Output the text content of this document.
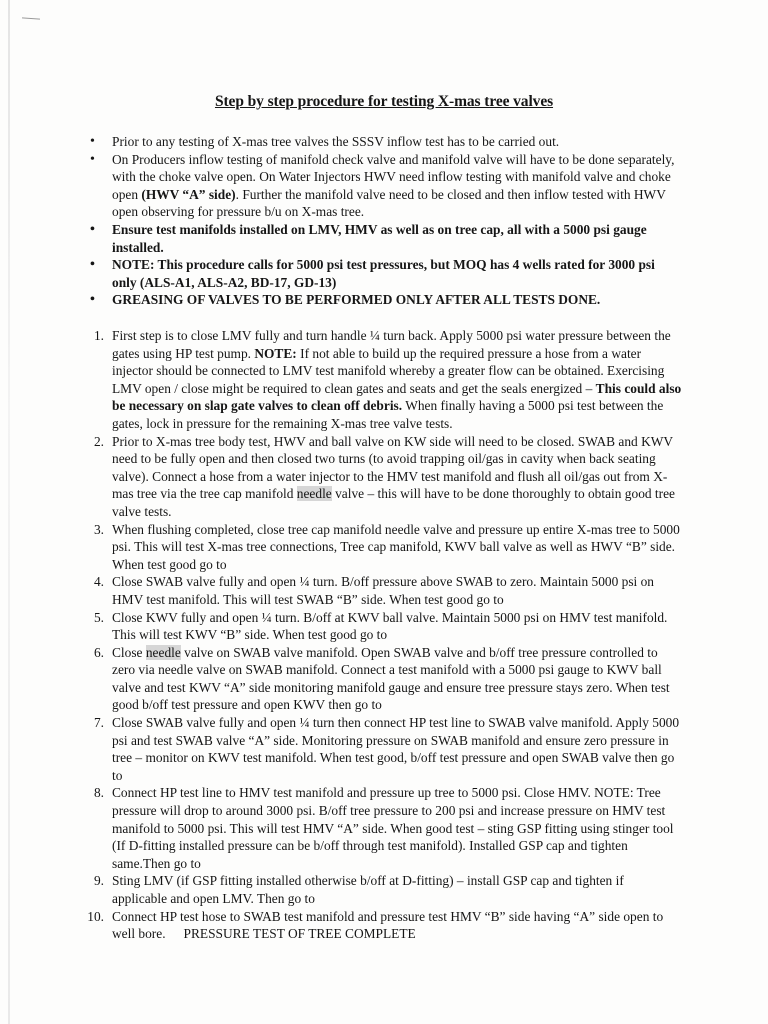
Step by step procedure for testing X-mas tree valves
• Prior to any testing of X-mas tree valves the SSSV inflow test has to be carried out.
• On Producers inflow testing of manifold check valve and manifold valve will have to be done separately, with the choke valve open. On Water Injectors HWV need inflow testing with manifold valve and choke open (HWV “A” side). Further the manifold valve need to be closed and then inflow tested with HWV open observing for pressure b/u on X-mas tree.
• Ensure test manifolds installed on LMV, HMV as well as on tree cap, all with a 5000 psi gauge installed.
• NOTE: This procedure calls for 5000 psi test pressures, but MOQ has 4 wells rated for 3000 psi only (ALS-A1, ALS-A2, BD-17, GD-13)
• GREASING OF VALVES TO BE PERFORMED ONLY AFTER ALL TESTS DONE.
1. First step is to close LMV fully and turn handle ¼ turn back. Apply 5000 psi water pressure between the gates using HP test pump. NOTE: If not able to build up the required pressure a hose from a water injector should be connected to LMV test manifold whereby a greater flow can be obtained. Exercising LMV open / close might be required to clean gates and seats and get the seals energized – This could also be necessary on slap gate valves to clean off debris. When finally having a 5000 psi test between the gates, lock in pressure for the remaining X-mas tree valve tests.
2. Prior to X-mas tree body test, HWV and ball valve on KW side will need to be closed. SWAB and KWV need to be fully open and then closed two turns (to avoid trapping oil/gas in cavity when back seating valve). Connect a hose from a water injector to the HMV test manifold and flush all oil/gas out from X-mas tree via the tree cap manifold needle valve – this will have to be done thoroughly to obtain good tree valve tests.
3. When flushing completed, close tree cap manifold needle valve and pressure up entire X-mas tree to 5000 psi. This will test X-mas tree connections, Tree cap manifold, KWV ball valve as well as HWV “B” side. When test good go to
4. Close SWAB valve fully and open ¼ turn. B/off pressure above SWAB to zero. Maintain 5000 psi on HMV test manifold. This will test SWAB “B” side. When test good go to
5. Close KWV fully and open ¼ turn. B/off at KWV ball valve. Maintain 5000 psi on HMV test manifold. This will test KWV “B” side. When test good go to
6. Close needle valve on SWAB valve manifold. Open SWAB valve and b/off tree pressure controlled to zero via needle valve on SWAB manifold. Connect a test manifold with a 5000 psi gauge to KWV ball valve and test KWV “A” side monitoring manifold gauge and ensure tree pressure stays zero. When test good b/off test pressure and open KWV then go to
7. Close SWAB valve fully and open ¼ turn then connect HP test line to SWAB valve manifold. Apply 5000 psi and test SWAB valve “A” side. Monitoring pressure on SWAB manifold and ensure zero pressure in tree – monitor on KWV test manifold. When test good, b/off test pressure and open SWAB valve then go to
8. Connect HP test line to HMV test manifold and pressure up tree to 5000 psi. Close HMV. NOTE: Tree pressure will drop to around 3000 psi. B/off tree pressure to 200 psi and increase pressure on HMV test manifold to 5000 psi. This will test HMV “A” side. When good test – sting GSP fitting using stinger tool (If D-fitting installed pressure can be b/off through test manifold). Installed GSP cap and tighten same.Then go to
9. Sting LMV (if GSP fitting installed otherwise b/off at D-fitting) – install GSP cap and tighten if applicable and open LMV. Then go to
10. Connect HP test hose to SWAB test manifold and pressure test HMV “B” side having “A” side open to well bore. PRESSURE TEST OF TREE COMPLETE
